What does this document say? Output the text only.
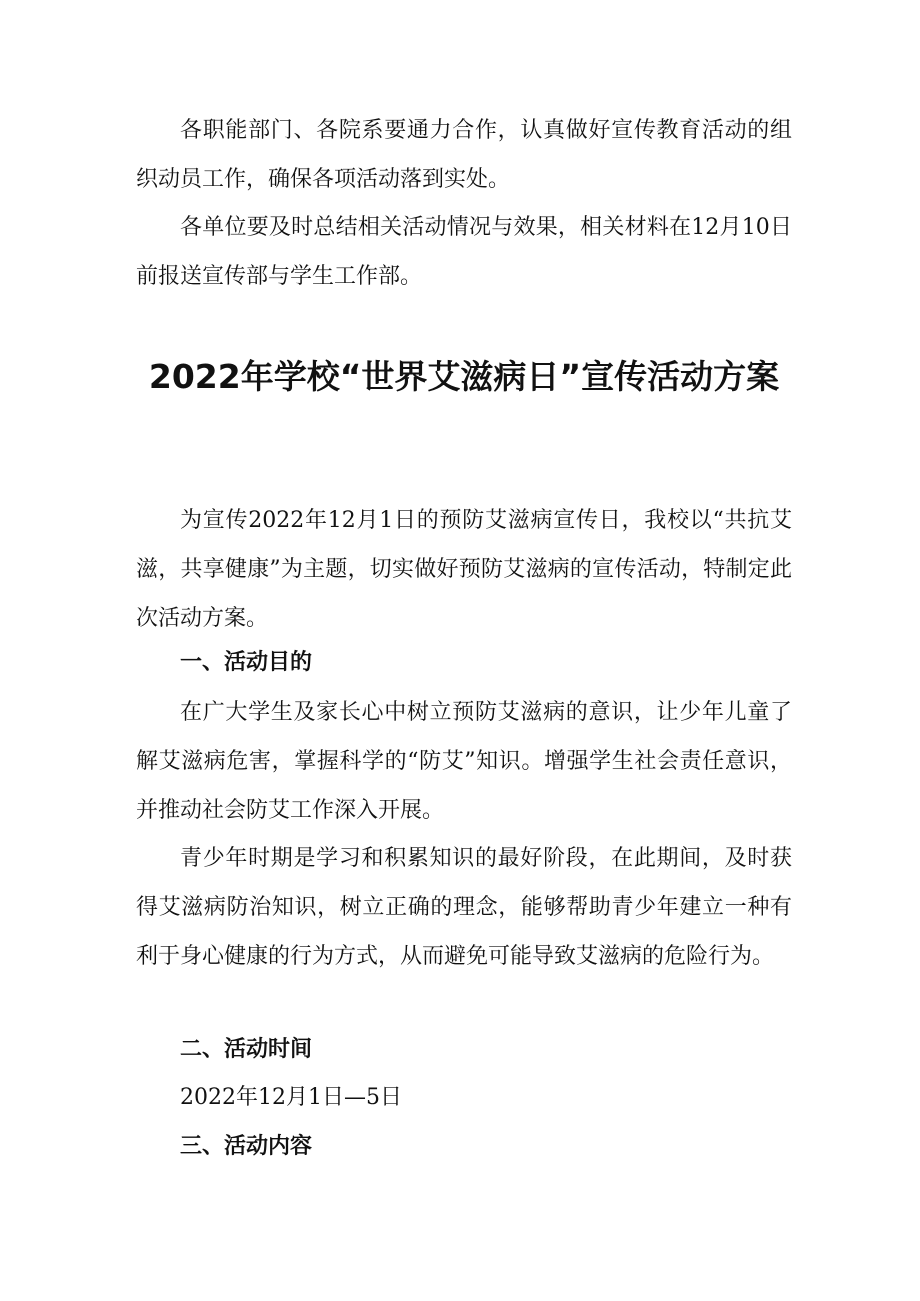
各职能部门、各院系要通力合作，认真做好宣传教育活动的组织动员工作，确保各项活动落到实处。

各单位要及时总结相关活动情况与效果，相关材料在12月10日前报送宣传部与学生工作部。

2022年学校“世界艾滋病日”宣传活动方案

为宣传2022年12月1日的预防艾滋病宣传日，我校以“共抗艾滋，共享健康”为主题，切实做好预防艾滋病的宣传活动，特制定此次活动方案。

一、活动目的

在广大学生及家长心中树立预防艾滋病的意识，让少年儿童了解艾滋病危害，掌握科学的“防艾”知识。增强学生社会责任意识，并推动社会防艾工作深入开展。

青少年时期是学习和积累知识的最好阶段，在此期间，及时获得艾滋病防治知识，树立正确的理念，能够帮助青少年建立一种有利于身心健康的行为方式，从而避免可能导致艾滋病的危险行为。

二、活动时间

2022年12月1日—5日

三、活动内容
